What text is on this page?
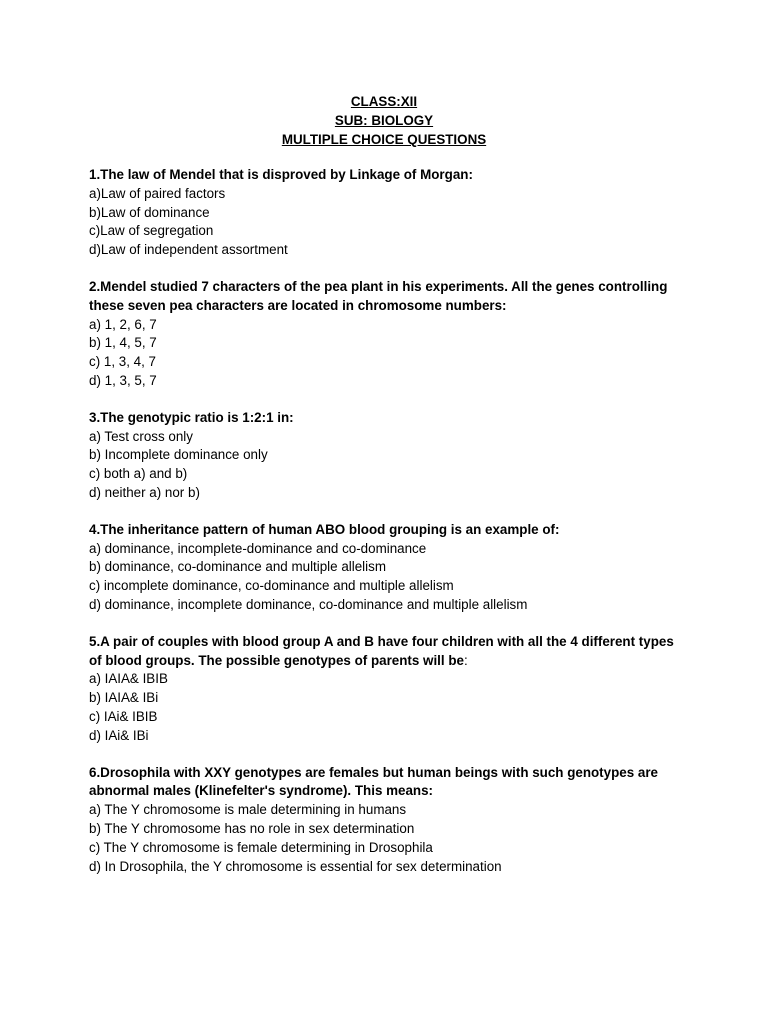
CLASS:XII
SUB: BIOLOGY
MULTIPLE CHOICE QUESTIONS
1.The law of Mendel that is disproved by Linkage of Morgan:
a)Law of paired factors
b)Law of dominance
c)Law of segregation
d)Law of independent assortment
2.Mendel studied 7 characters of the pea plant in his experiments. All the genes controlling these seven pea characters are located in chromosome numbers:
a) 1, 2, 6, 7
b) 1, 4, 5, 7
c) 1, 3, 4, 7
d) 1, 3, 5, 7
3.The genotypic ratio is 1:2:1 in:
a) Test cross only
b) Incomplete dominance only
c) both a) and b)
d) neither a) nor b)
4.The inheritance pattern of human ABO blood grouping is an example of:
a) dominance, incomplete-dominance and co-dominance
b) dominance, co-dominance and multiple allelism
c) incomplete dominance, co-dominance and multiple allelism
d) dominance, incomplete dominance, co-dominance and multiple allelism
5.A pair of couples with blood group A and B have four children with all the 4 different types of blood groups. The possible genotypes of parents will be:
a) IAIA& IBIB
b) IAIA& IBi
c) IAi& IBIB
d) IAi& IBi
6.Drosophila with XXY genotypes are females but human beings with such genotypes are abnormal males (Klinefelter's syndrome). This means:
a) The Y chromosome is male determining in humans
b) The Y chromosome has no role in sex determination
c) The Y chromosome is female determining in Drosophila
d) In Drosophila, the Y chromosome is essential for sex determination
